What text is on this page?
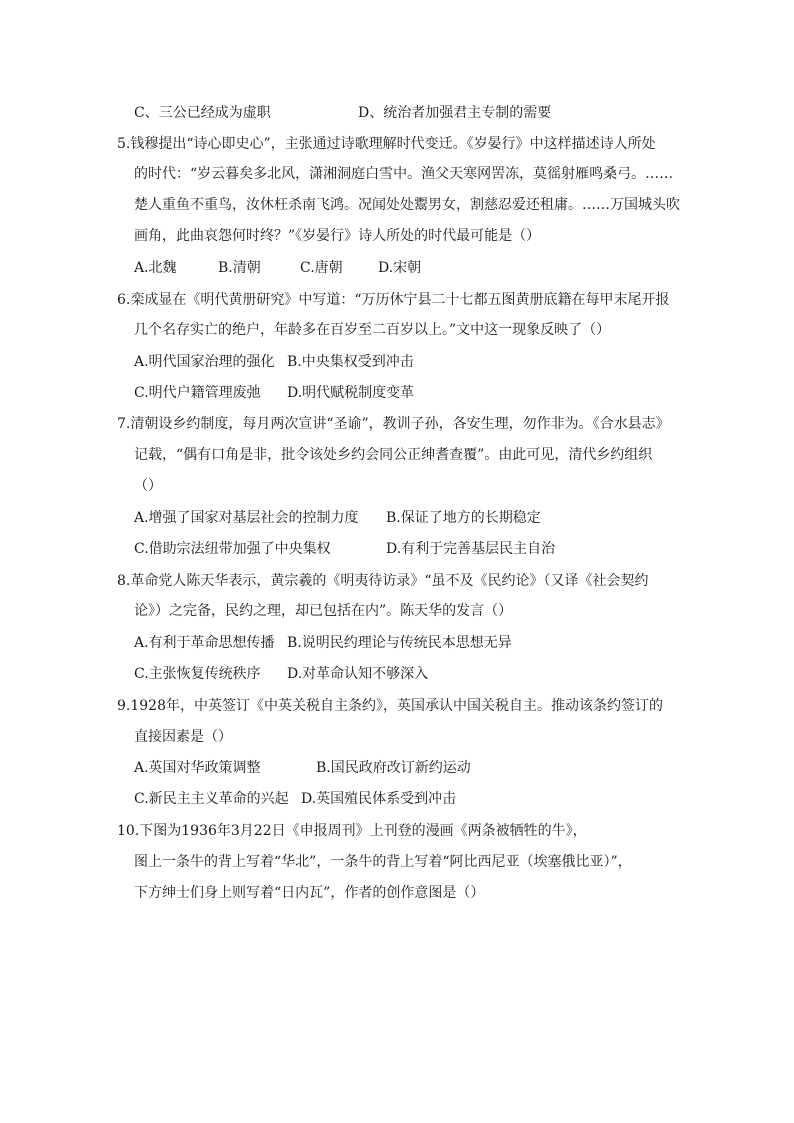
C、三公已经成为虚职	D、统治者加强君主专制的需要
5.钱穆提出“诗心即史心”，主张通过诗歌理解时代变迁。《岁晏行》中这样描述诗人所处
的时代：“岁云暮矣多北风，潇湘洞庭白雪中。渔父天寒网罟冻，莫徭射雁鸣桑弓。……
楚人重鱼不重鸟，汝休枉杀南飞鸿。况闻处处鬻男女，割慈忍爱还租庸。……万国城头吹
画角，此曲哀怨何时终？”《岁晏行》诗人所处的时代最可能是（）
A.北魏	B.清朝	C.唐朝	D.宋朝
6.栾成显在《明代黄册研究》中写道：“万历休宁县二十七都五图黄册底籍在每甲末尾开报
几个名存实亡的绝户，年龄多在百岁至二百岁以上。”文中这一现象反映了（）
A.明代国家治理的强化 B.中央集权受到冲击
C.明代户籍管理废弛 D.明代赋税制度变革
7.清朝设乡约制度，每月两次宣讲“圣谕”，教训子孙，各安生理，勿作非为。《合水县志》
记载，“偶有口角是非，批令该处乡约会同公正绅耆查覆”。由此可见，清代乡约组织
（）
A.增强了国家对基层社会的控制力度 B.保证了地方的长期稳定
C.借助宗法纽带加强了中央集权	D.有利于完善基层民主自治
8.革命党人陈天华表示，黄宗羲的《明夷待访录》“虽不及《民约论》（又译《社会契约
论》）之完备，民约之理，却已包括在内”。陈天华的发言（）
A.有利于革命思想传播 B.说明民约理论与传统民本思想无异
C.主张恢复传统秩序 D.对革命认知不够深入
9.1928年，中英签订《中英关税自主条约》，英国承认中国关税自主。推动该条约签订的
直接因素是（）
A.英国对华政策调整	B.国民政府改订新约运动
C.新民主主义革命的兴起 D.英国殖民体系受到冲击
10.下图为1936年3月22日《申报周刊》上刊登的漫画《两条被牺牲的牛》，
图上一条牛的背上写着“华北”，一条牛的背上写着“阿比西尼亚（埃塞俄比亚）”，
下方绅士们身上则写着“日内瓦”，作者的创作意图是（）
